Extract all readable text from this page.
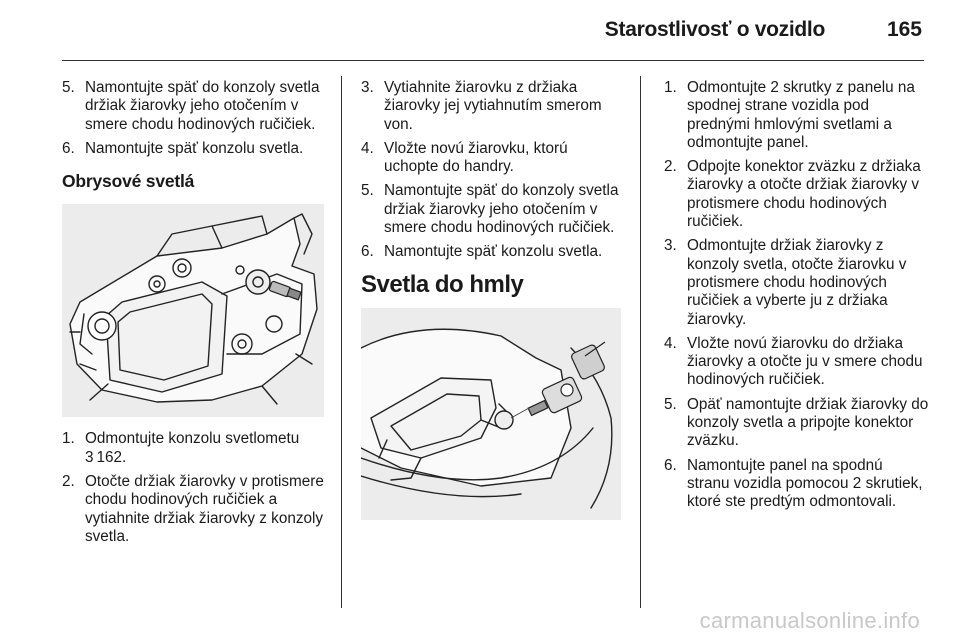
Starostlivosť o vozidlo	165
5. Namontujte späť do konzoly svetla držiak žiarovky jeho otočením v smere chodu hodinových ručičiek.
6. Namontujte späť konzolu svetla.
Obrysové svetlá
1. Odmontujte konzolu svetlometu
3 162.
2. Otočte držiak žiarovky v protismere chodu hodinových ručičiek a vytiahnite držiak žiarovky z konzoly svetla.
3. Vytiahnite žiarovku z držiaka žiarovky jej vytiahnutím smerom von.
4. Vložte novú žiarovku, ktorú uchopte do handry.
5. Namontujte späť do konzoly svetla držiak žiarovky jeho otočením v smere chodu hodinových ručičiek.
6. Namontujte späť konzolu svetla.
Svetla do hmly
1. Odmontujte 2 skrutky z panelu na spodnej strane vozidla pod prednými hmlovými svetlami a odmontujte panel.
2. Odpojte konektor zväzku z držiaka žiarovky a otočte držiak žiarovky v protismere chodu hodinových ručičiek.
3. Odmontujte držiak žiarovky z konzoly svetla, otočte žiarovku v protismere chodu hodinových ručičiek a vyberte ju z držiaka žiarovky.
4. Vložte novú žiarovku do držiaka žiarovky a otočte ju v smere chodu hodinových ručičiek.
5. Opäť namontujte držiak žiarovky do konzoly svetla a pripojte konektor zväzku.
6. Namontujte panel na spodnú stranu vozidla pomocou 2 skrutiek, ktoré ste predtým odmontovali.
carmanualsonline.info
